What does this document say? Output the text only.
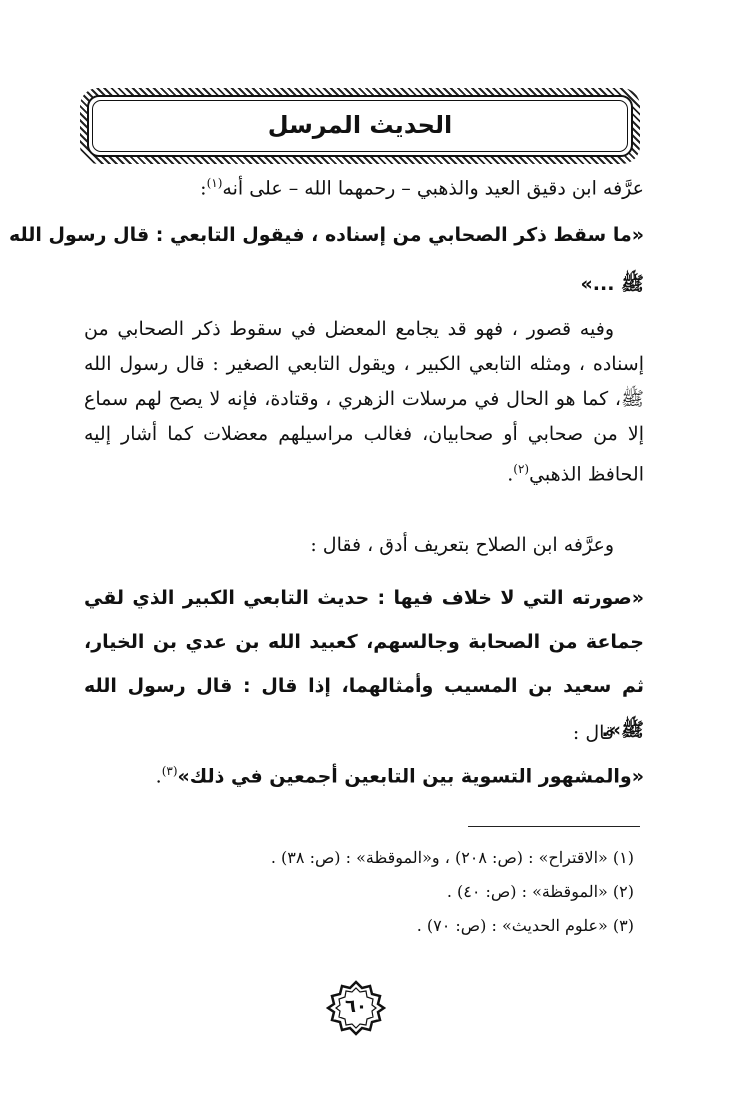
الحديث المرسل
عرَّفه ابن دقيق العيد والذهبي – رحمهما الله – على أنه$^{(١)}$:
«ما سقط ذكر الصحابي من إسناده ، فيقول التابعي : قال رسول الله
ﷺ ...»
وفيه قصور ، فهو قد يجامع المعضل في سقوط ذكر الصحابي من إسناده ، ومثله التابعي الكبير ، ويقول التابعي الصغير : قال رسول الله ﷺ، كما هو الحال في مرسلات الزهري ، وقتادة، فإنه لا يصح لهم سماع إلا من صحابي أو صحابيان، فغالب مراسيلهم معضلات كما أشار إليه الحافظ الذهبي$^{(٢)}$.
وعرَّفه ابن الصلاح بتعريف أدق ، فقال :
«صورته التي لا خلاف فيها : حديث التابعي الكبير الذي لقي جماعة من الصحابة وجالسهم، كعبيد الله بن عدي بن الخيار، ثم سعيد بن المسيب وأمثالهما، إذا قال : قال رسول الله ﷺ».
قال :
«والمشهور التسوية بين التابعين أجمعين في ذلك»$^{(٣)}$.
(١) «الاقتراح» : (ص: ٢٠٨) ، و«الموقظة» : (ص: ٣٨) .
(٢) «الموقظة» : (ص: ٤٠) .
(٣) «علوم الحديث» : (ص: ٧٠) .
٦٠
